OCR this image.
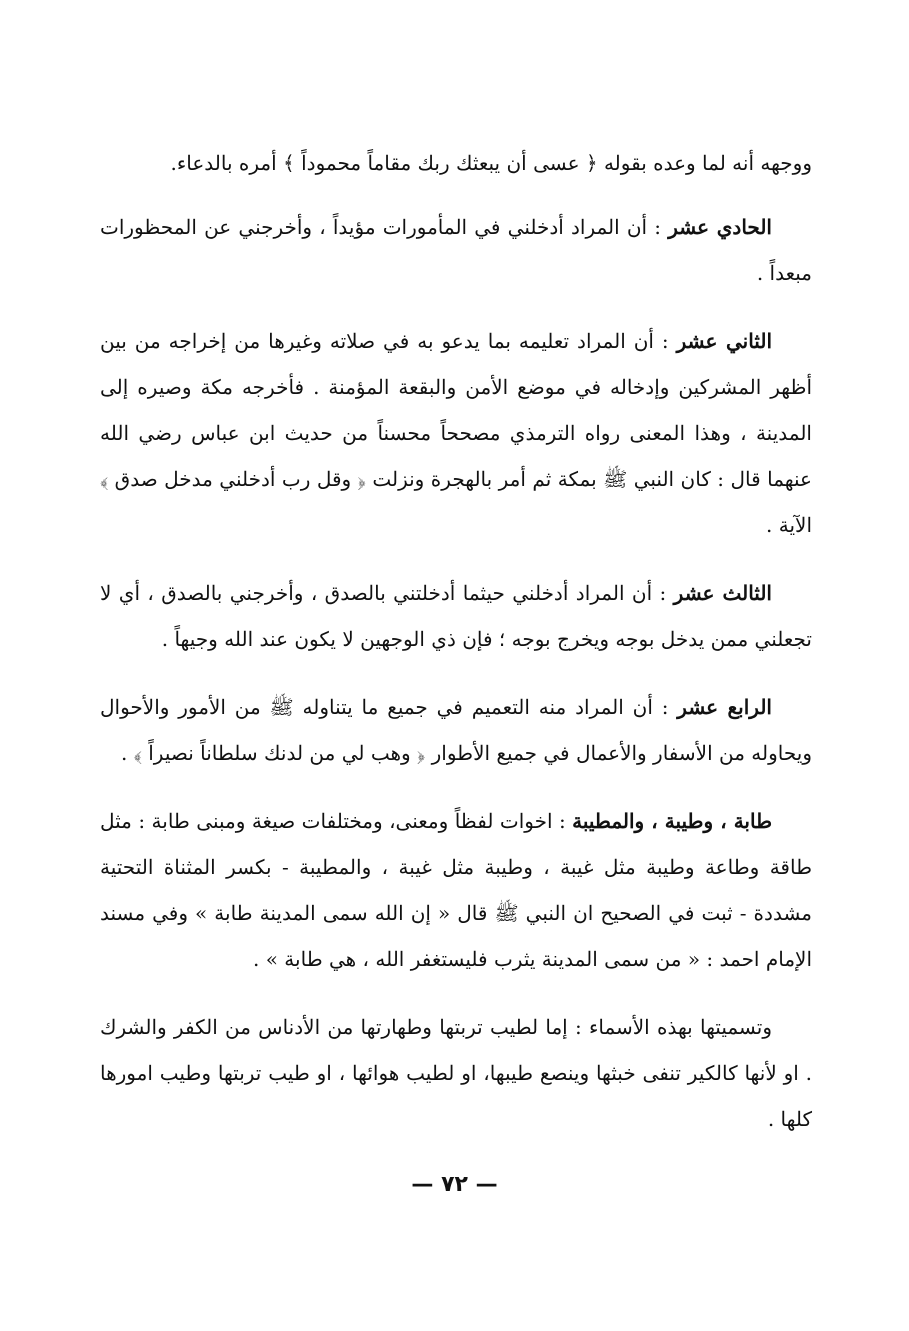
ووجهه أنه لما وعده بقوله ﴿ عسى أن يبعثك ربك مقاماً محموداً ﴾ أمره بالدعاء.

الحادي عشر : أن المراد أدخلني في المأمورات مؤيداً ، وأخرجني عن المحظورات مبعداً .

الثاني عشر : أن المراد تعليمه بما يدعو به في صلاته وغيرها من إخراجه من بين أظهر المشركين وإدخاله في موضع الأمن والبقعة المؤمنة . فأخرجه مكة وصيره إلى المدينة ، وهذا المعنى رواه الترمذي مصححاً محسناً من حديث ابن عباس رضي الله عنهما قال : كان النبي ﷺ بمكة ثم أمر بالهجرة ونزلت ﴿ وقل رب أدخلني مدخل صدق ﴾ الآية .

الثالث عشر : أن المراد أدخلني حيثما أدخلتني بالصدق ، وأخرجني بالصدق ، أي لا تجعلني ممن يدخل بوجه ويخرج بوجه ؛ فإن ذي الوجهين لا يكون عند الله وجيهاً .

الرابع عشر : أن المراد منه التعميم في جميع ما يتناوله ﷺ من الأمور والأحوال ويحاوله من الأسفار والأعمال في جميع الأطوار ﴿ وهب لي من لدنك سلطاناً نصيراً ﴾ .

طابة ، وطيبة ، والمطيبة : اخوات لفظاً ومعنى، ومختلفات صيغة ومبنى طابة : مثل طاقة وطاعة وطيبة مثل غيبة ، وطيبة مثل غيبة ، والمطيبة - بكسر المثناة التحتية مشددة - ثبت في الصحيح ان النبي ﷺ قال « إن الله سمى المدينة طابة » وفي مسند الإمام احمد : « من سمى المدينة يثرب فليستغفر الله ، هي طابة » .

وتسميتها بهذه الأسماء : إما لطيب تربتها وطهارتها من الأدناس من الكفر والشرك . او لأنها كالكير تنفى خبثها وينصع طيبها، او لطيب هوائها ، او طيب تربتها وطيب امورها كلها .

— ٧٢ —
